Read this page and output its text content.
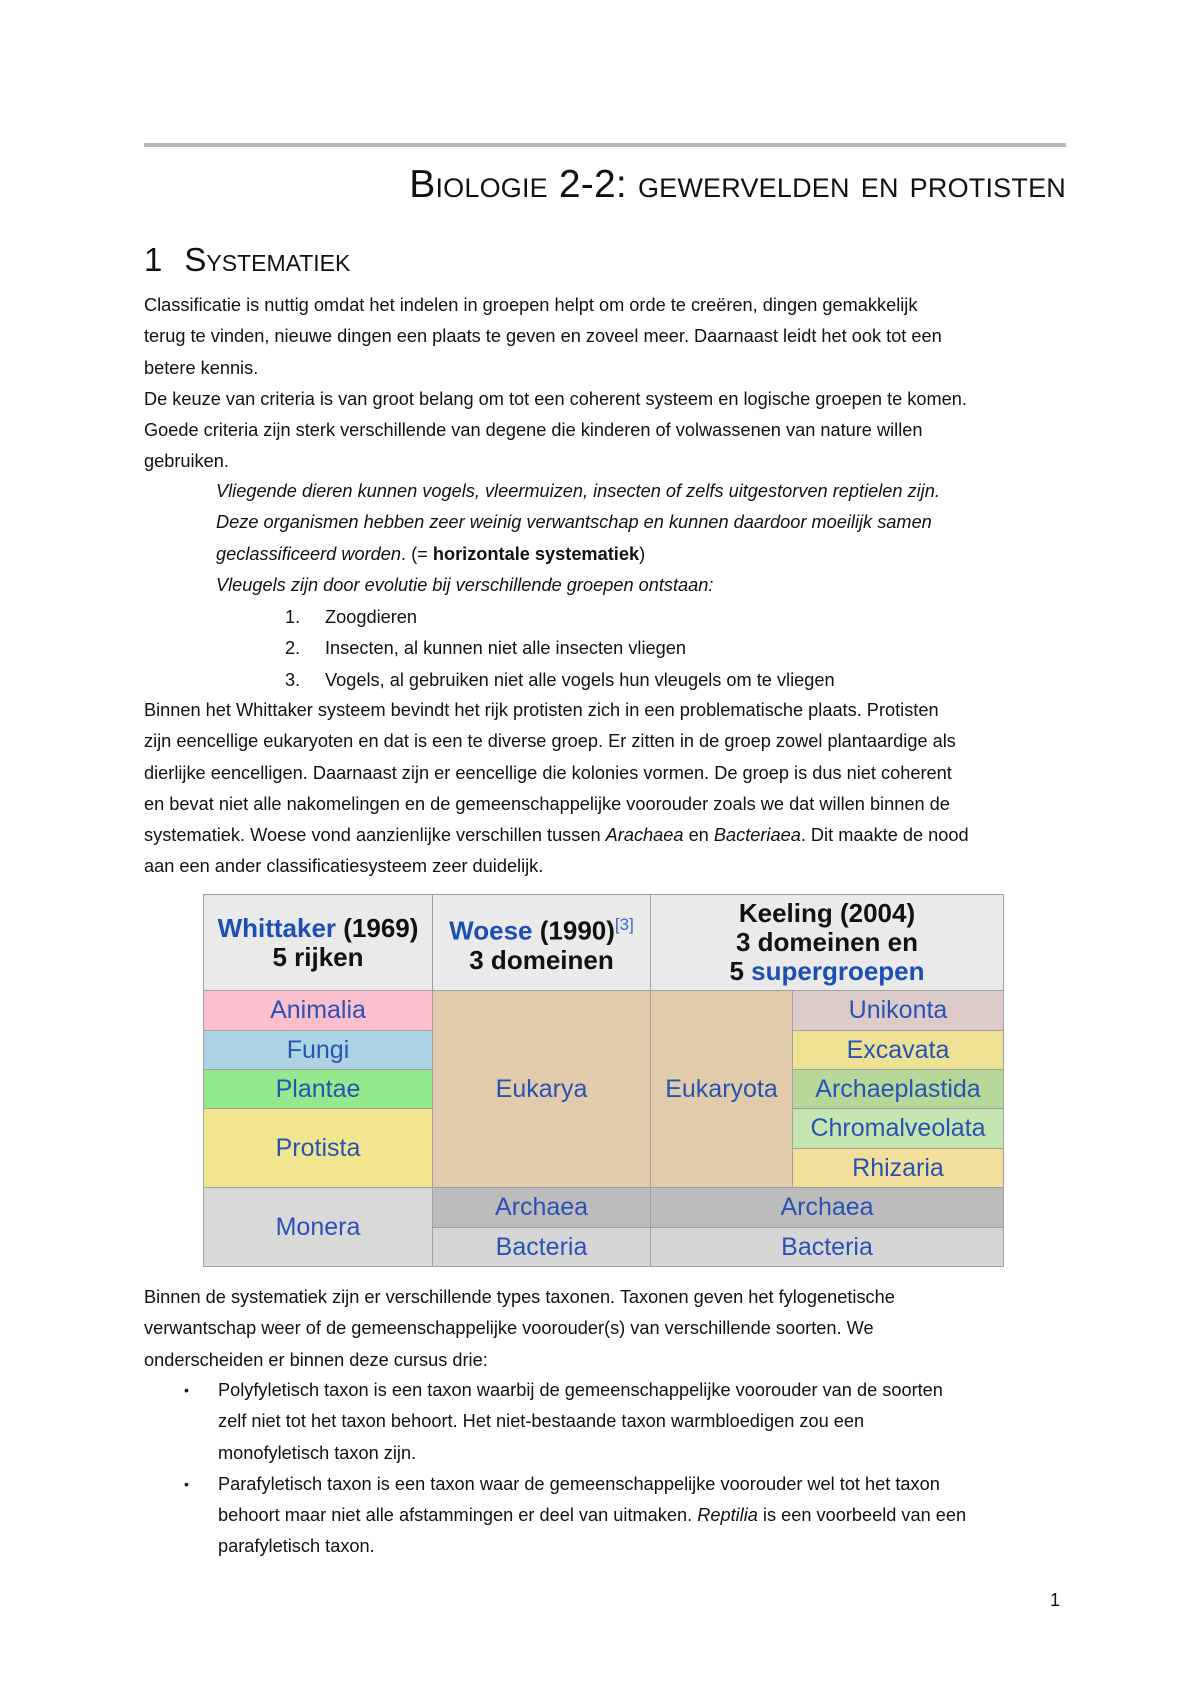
Biologie 2-2: gewervelden en protisten
1 Systematiek
Classificatie is nuttig omdat het indelen in groepen helpt om orde te creëren, dingen gemakkelijk
terug te vinden, nieuwe dingen een plaats te geven en zoveel meer. Daarnaast leidt het ook tot een
betere kennis.
De keuze van criteria is van groot belang om tot een coherent systeem en logische groepen te komen.
Goede criteria zijn sterk verschillende van degene die kinderen of volwassenen van nature willen
gebruiken.
Vliegende dieren kunnen vogels, vleermuizen, insecten of zelfs uitgestorven reptielen zijn.
Deze organismen hebben zeer weinig verwantschap en kunnen daardoor moeilijk samen
geclassificeerd worden. (= horizontale systematiek)
Vleugels zijn door evolutie bij verschillende groepen ontstaan:
1. Zoogdieren
2. Insecten, al kunnen niet alle insecten vliegen
3. Vogels, al gebruiken niet alle vogels hun vleugels om te vliegen
Binnen het Whittaker systeem bevindt het rijk protisten zich in een problematische plaats. Protisten
zijn eencellige eukaryoten en dat is een te diverse groep. Er zitten in de groep zowel plantaardige als
dierlijke eencelligen. Daarnaast zijn er eencellige die kolonies vormen. De groep is dus niet coherent
en bevat niet alle nakomelingen en de gemeenschappelijke voorouder zoals we dat willen binnen de
systematiek. Woese vond aanzienlijke verschillen tussen Arachaea en Bacteriaea. Dit maakte de nood
aan een ander classificatiesysteem zeer duidelijk.
Whittaker (1969)
5 rijken
Woese (1990)[3]
3 domeinen
Keeling (2004)
3 domeinen en
5 supergroepen
Animalia
Fungi
Plantae
Protista
Monera
Eukarya
Archaea
Bacteria
Eukaryota
Unikonta
Excavata
Archaeplastida
Chromalveolata
Rhizaria
Archaea
Bacteria
Binnen de systematiek zijn er verschillende types taxonen. Taxonen geven het fylogenetische
verwantschap weer of de gemeenschappelijke voorouder(s) van verschillende soorten. We
onderscheiden er binnen deze cursus drie:
• Polyfyletisch taxon is een taxon waarbij de gemeenschappelijke voorouder van de soorten
zelf niet tot het taxon behoort. Het niet-bestaande taxon warmbloedigen zou een
monofyletisch taxon zijn.
• Parafyletisch taxon is een taxon waar de gemeenschappelijke voorouder wel tot het taxon
behoort maar niet alle afstammingen er deel van uitmaken. Reptilia is een voorbeeld van een
parafyletisch taxon.
1
